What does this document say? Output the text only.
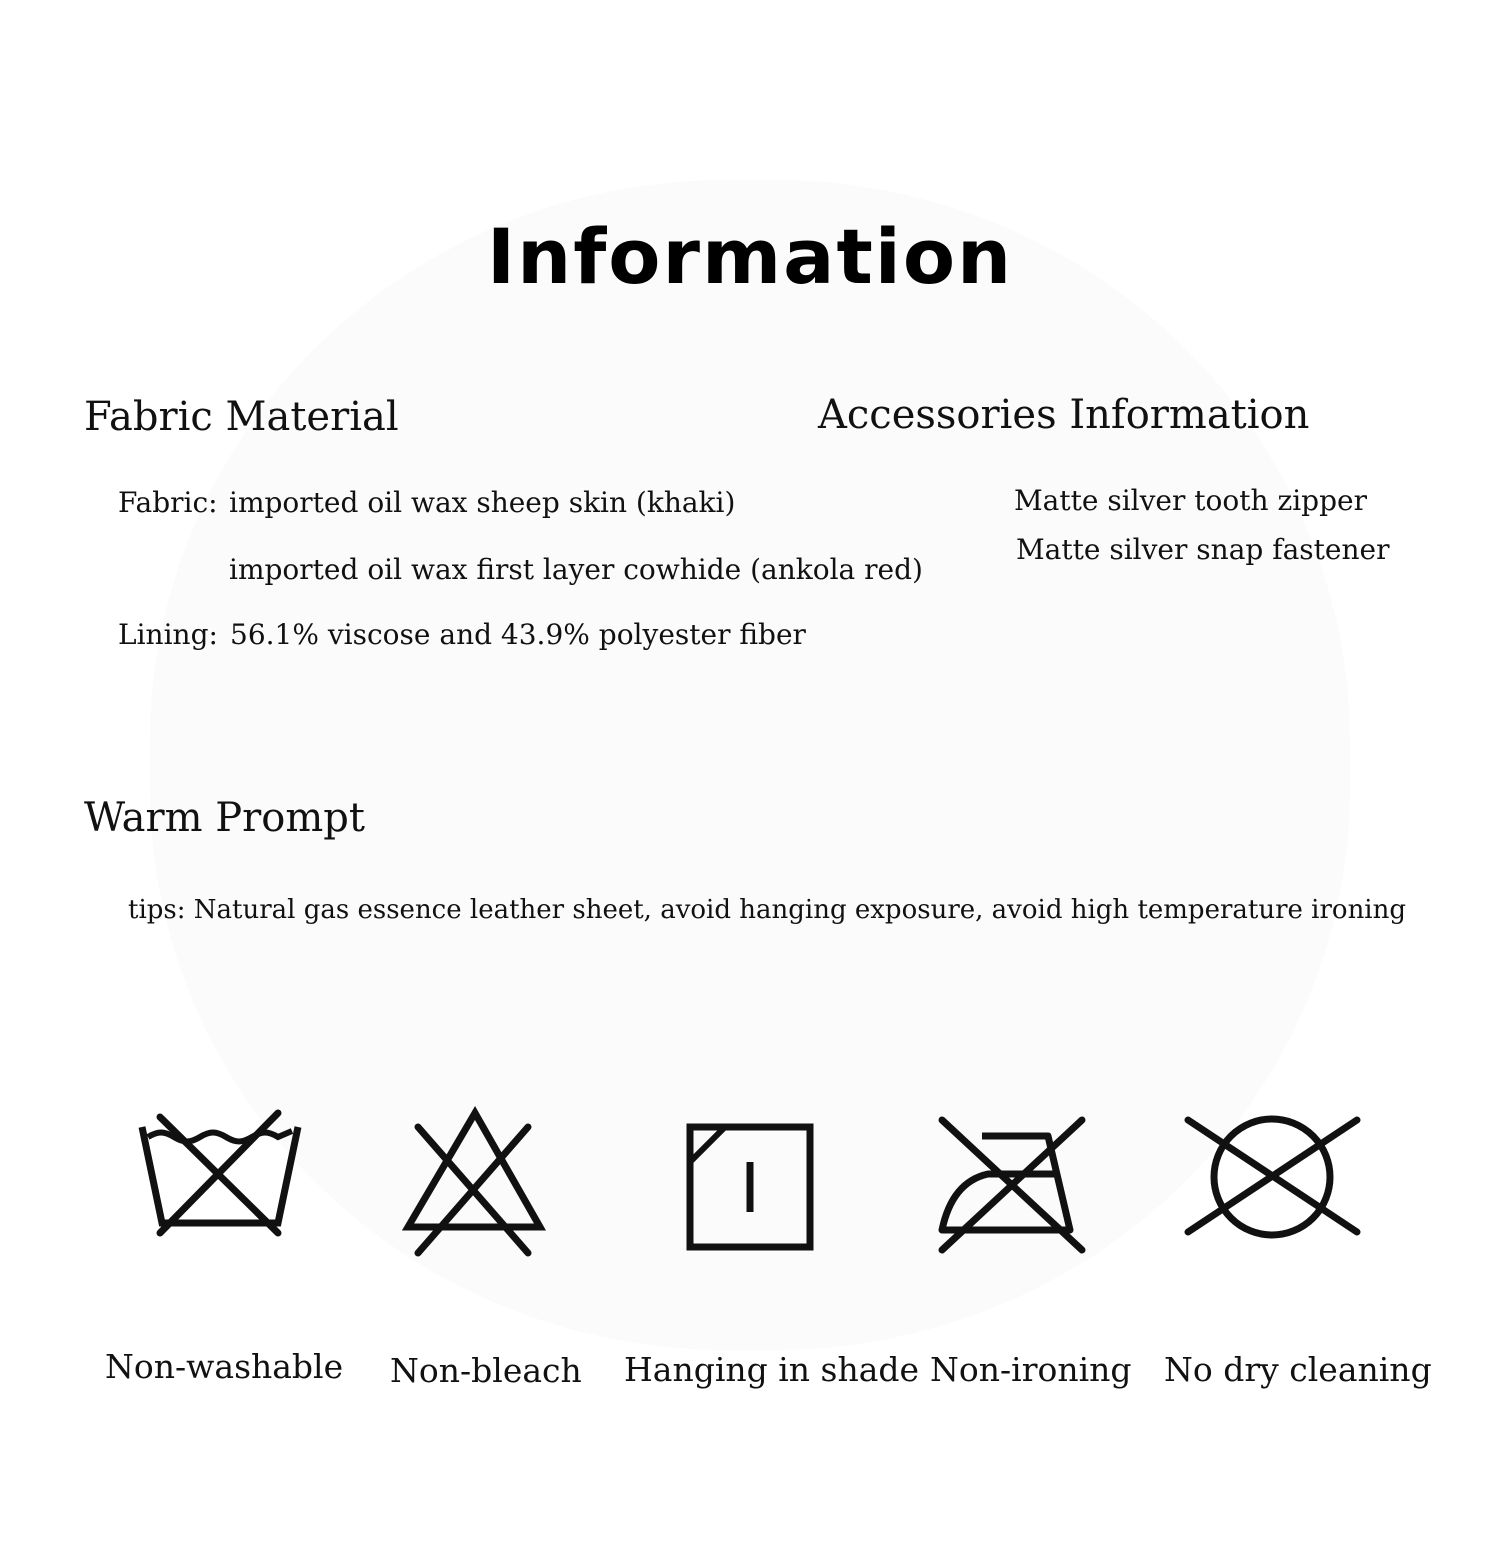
Information
Fabric Material
Fabric: imported oil wax sheep skin (khaki)
imported oil wax first layer cowhide (ankola red)
Lining: 56.1% viscose and 43.9% polyester fiber
Accessories Information
Matte silver tooth zipper
Matte silver snap fastener
Warm Prompt
tips: Natural gas essence leather sheet, avoid hanging exposure, avoid high temperature ironing
Non-washable Non-bleach Hanging in shade Non-ironing No dry cleaning
